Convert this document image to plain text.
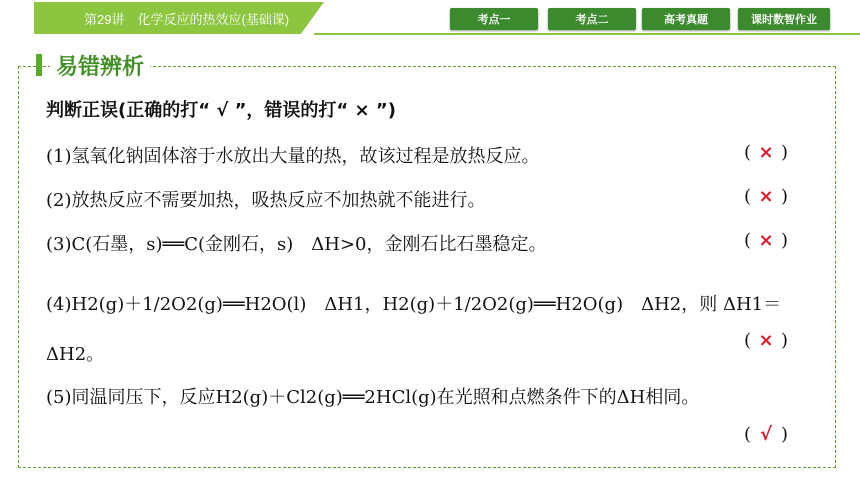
第29讲　化学反应的热效应(基础课)	考点一	考点二	高考真题	课时数智作业
易错辨析
判断正误(正确的打“ √ ”，错误的打“ × ”)
(1)氢氧化钠固体溶于水放出大量的热，故该过程是放热反应。	( × )
(2)放热反应不需要加热，吸热反应不加热就不能进行。	( × )
(3)C(石墨，s)══C(金刚石，s)　ΔH>0，金刚石比石墨稳定。	( × )
(4)H2(g)＋1/2O2(g)══H2O(l)　ΔH1，H2(g)＋1/2O2(g)══H2O(g)　ΔH2，则 ΔH1＝ΔH2。
( × )
(5)同温同压下，反应H2(g)＋Cl2(g)══2HCl(g)在光照和点燃条件下的ΔH相同。
( √ )
